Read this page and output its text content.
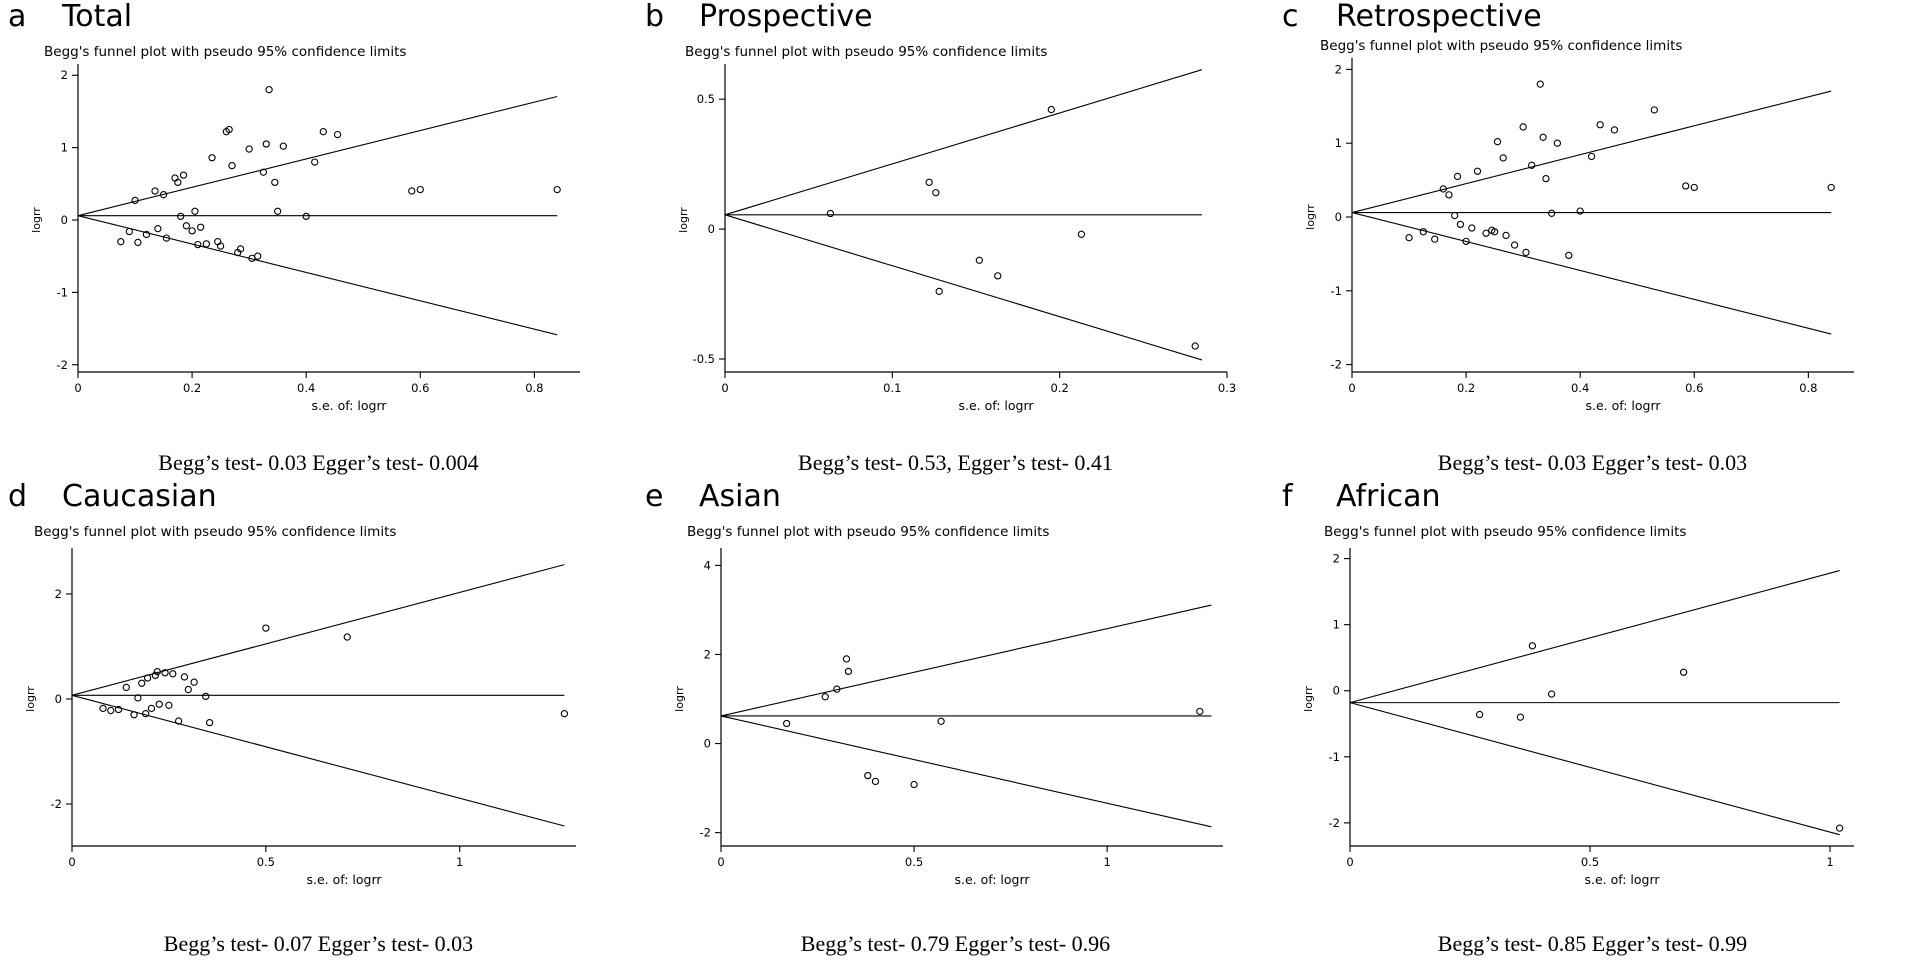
a Total
Begg's funnel plot with pseudo 95% confidence limits
0	0.2	0.4	0.6	0.8
-2
-1
0
1
2
s.e. of: logrr
logrr
Begg’s test- 0.03 Egger’s test- 0.004
b Prospective
Begg's funnel plot with pseudo 95% confidence limits
0	0.1	0.2	0.3
-0.5
0
0.5
s.e. of: logrr
logrr
Begg’s test- 0.53, Egger’s test- 0.41
c Retrospective
Begg's funnel plot with pseudo 95% confidence limits
0	0.2	0.4	0.6	0.8
-2
-1
0
1
2
s.e. of: logrr
logrr
Begg’s test- 0.03 Egger’s test- 0.03
d Caucasian
Begg's funnel plot with pseudo 95% confidence limits
0	0.5	1
-2
0
2
s.e. of: logrr
logrr
Begg’s test- 0.07 Egger’s test- 0.03
e Asian
Begg's funnel plot with pseudo 95% confidence limits
0	0.5	1
-2
0
2
4
s.e. of: logrr
logrr
Begg’s test- 0.79 Egger’s test- 0.96
f African
Begg's funnel plot with pseudo 95% confidence limits
0	0.5	1
-2
-1
0
1
2
s.e. of: logrr
logrr
Begg’s test- 0.85 Egger’s test- 0.99
